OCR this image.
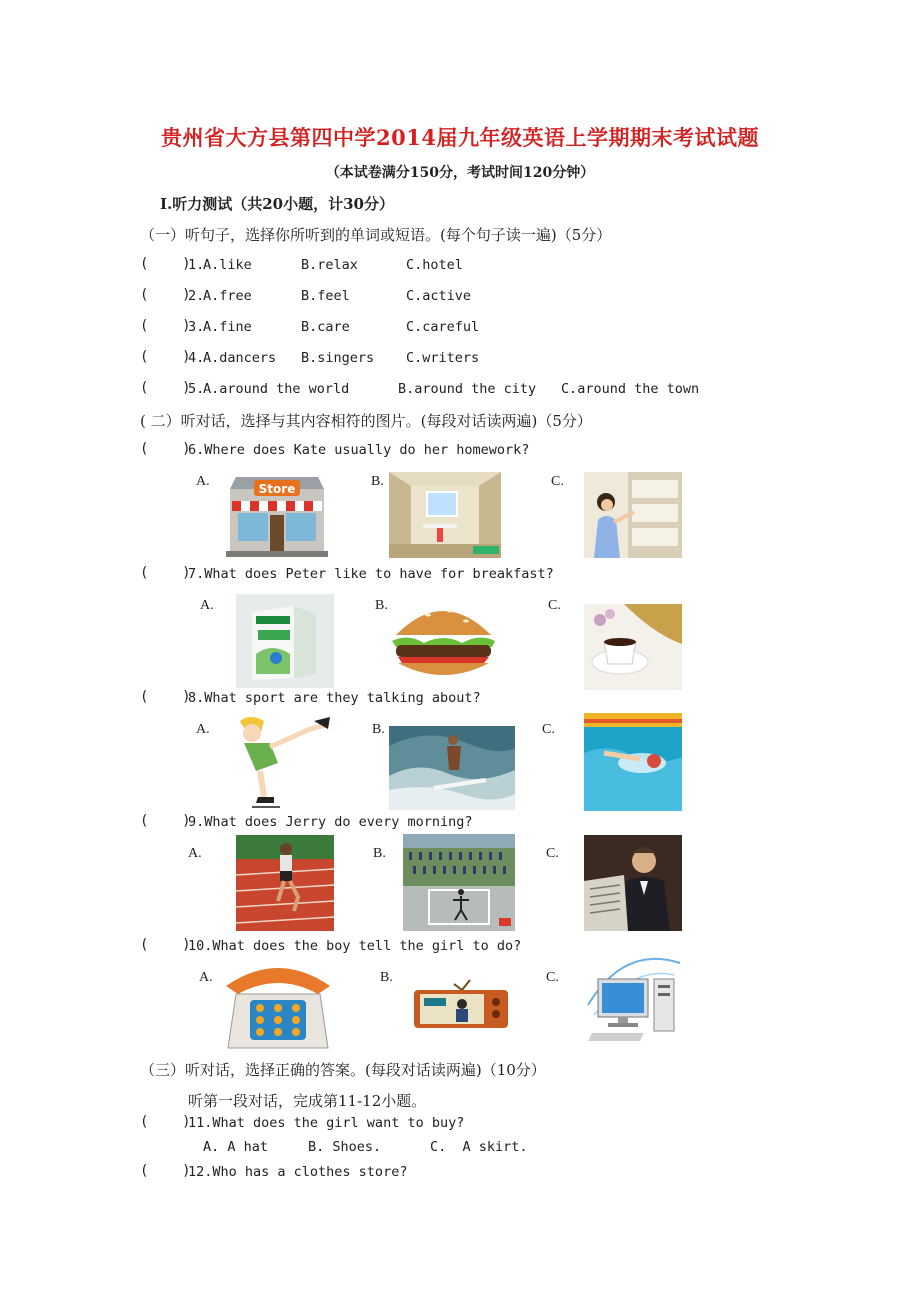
贵州省大方县第四中学2014届九年级英语上学期期末考试试题
（本试卷满分150分，考试时间120分钟）
Ⅰ.听力测试（共20小题，计30分）
（一）听句子，选择你所听到的单词或短语。(每个句子读一遍)（5分）
(    )
1.
A.like	B.relax	C.hotel
(    )
2.
A.free	B.feel	C.active
(    )
3.
A.fine	B.care	C.careful
(    )
4.
A.dancers B.singers C.writers
(    )
5.
A.around the world	B.around the city C.around the town
( 二）听对话，选择与其内容相符的图片。(每段对话读两遍)（5分）
(    )
6.Where does Kate usually do her homework?
A.	B.	C.
Store
(    )
7.What does Peter like to have for breakfast?
A.	B.	C.
(    )
8.What sport are they talking about?
A.	B.	C.
(    )
9.What does Jerry do every morning?
A.	B.	C.
(    )
10.What does the boy tell the girl to do?
A.	B.	C.
（三）听对话，选择正确的答案。(每段对话读两遍)（10分）
听第一段对话，完成第11-12小题。
(    )
11.What does the girl want to buy?
A. A hat	B. Shoes.	C.  A skirt.
(    )
12.Who has a clothes store?
